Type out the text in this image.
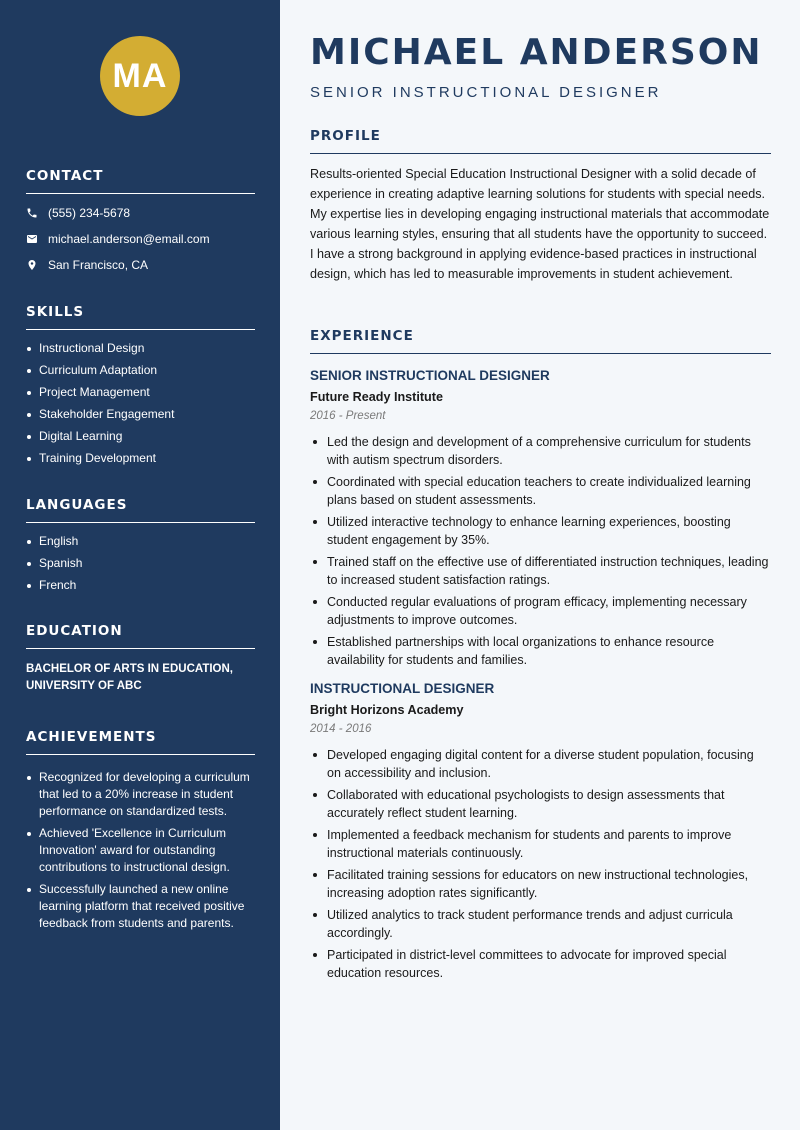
MA
CONTACT
(555) 234-5678
michael.anderson@email.com
San Francisco, CA
SKILLS
Instructional Design
Curriculum Adaptation
Project Management
Stakeholder Engagement
Digital Learning
Training Development
LANGUAGES
English
Spanish
French
EDUCATION
BACHELOR OF ARTS IN EDUCATION, UNIVERSITY OF ABC
ACHIEVEMENTS
Recognized for developing a curriculum that led to a 20% increase in student performance on standardized tests.
Achieved 'Excellence in Curriculum Innovation' award for outstanding contributions to instructional design.
Successfully launched a new online learning platform that received positive feedback from students and parents.
MICHAEL ANDERSON
SENIOR INSTRUCTIONAL DESIGNER
PROFILE
Results-oriented Special Education Instructional Designer with a solid decade of experience in creating adaptive learning solutions for students with special needs. My expertise lies in developing engaging instructional materials that accommodate various learning styles, ensuring that all students have the opportunity to succeed. I have a strong background in applying evidence-based practices in instructional design, which has led to measurable improvements in student achievement.
EXPERIENCE
SENIOR INSTRUCTIONAL DESIGNER
Future Ready Institute
2016 - Present
Led the design and development of a comprehensive curriculum for students with autism spectrum disorders.
Coordinated with special education teachers to create individualized learning plans based on student assessments.
Utilized interactive technology to enhance learning experiences, boosting student engagement by 35%.
Trained staff on the effective use of differentiated instruction techniques, leading to increased student satisfaction ratings.
Conducted regular evaluations of program efficacy, implementing necessary adjustments to improve outcomes.
Established partnerships with local organizations to enhance resource availability for students and families.
INSTRUCTIONAL DESIGNER
Bright Horizons Academy
2014 - 2016
Developed engaging digital content for a diverse student population, focusing on accessibility and inclusion.
Collaborated with educational psychologists to design assessments that accurately reflect student learning.
Implemented a feedback mechanism for students and parents to improve instructional materials continuously.
Facilitated training sessions for educators on new instructional technologies, increasing adoption rates significantly.
Utilized analytics to track student performance trends and adjust curricula accordingly.
Participated in district-level committees to advocate for improved special education resources.
